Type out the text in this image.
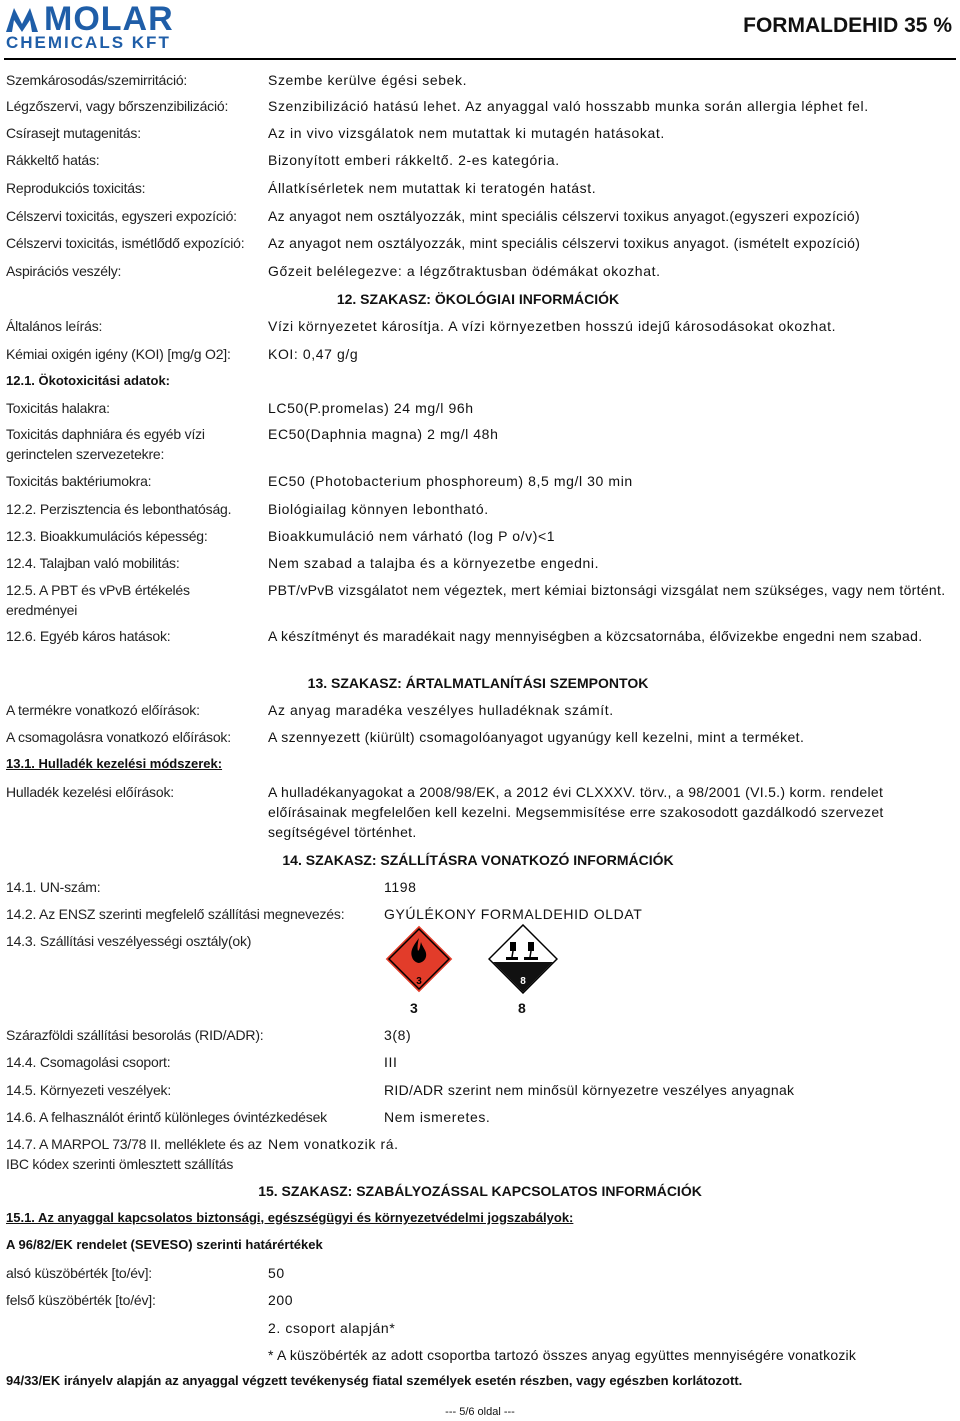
MOLAR
CHEMICALS KFT
FORMALDEHID 35 %
Szemkárosodás/szemirritáció:	Szembe kerülve égési sebek.
Légzőszervi, vagy bőrszenzibilizáció:	Szenzibilizáció hatású lehet. Az anyaggal való hosszabb munka során allergia léphet fel.
Csírasejt mutagenitás:	Az in vivo vizsgálatok nem mutattak ki mutagén hatásokat.
Rákkeltő hatás:	Bizonyított emberi rákkeltő. 2-es kategória.
Reprodukciós toxicitás:	Állatkísérletek nem mutattak ki teratogén hatást.
Célszervi toxicitás, egyszeri expozíció: Az anyagot nem osztályozzák, mint speciális célszervi toxikus anyagot.(egyszeri expozíció)
Célszervi toxicitás, ismétlődő expozíció: Az anyagot nem osztályozzák, mint speciális célszervi toxikus anyagot. (ismételt expozíció)
Aspirációs veszély:	Gőzeit belélegezve: a légzőtraktusban ödémákat okozhat.
12. SZAKASZ: ÖKOLÓGIAI INFORMÁCIÓK
Általános leírás:	Vízi környezetet károsítja. A vízi környezetben hosszú idejű károsodásokat okozhat.
Kémiai oxigén igény (KOI) [mg/g O2]:	KOI: 0,47 g/g
12.1. Ökotoxicitási adatok:
Toxicitás halakra:	LC50(P.promelas) 24 mg/l 96h
Toxicitás daphniára és egyéb vízi gerinctelen szervezetekre:
EC50(Daphnia magna) 2 mg/l 48h
Toxicitás baktériumokra:	EC50 (Photobacterium phosphoreum) 8,5 mg/l 30 min
12.2. Perzisztencia és lebonthatóság.	Biológiailag könnyen lebontható.
12.3. Bioakkumulációs képesség:	Bioakkumuláció nem várható (log P o/v)<1
12.4. Talajban való mobilitás:	Nem szabad a talajba és a környezetbe engedni.
12.5. A PBT és vPvB értékelés eredményei
PBT/vPvB vizsgálatot nem végeztek, mert kémiai biztonsági vizsgálat nem szükséges, vagy nem történt.
12.6. Egyéb káros hatások:	A készítményt és maradékait nagy mennyiségben a közcsatornába, élővizekbe engedni nem szabad.
13. SZAKASZ: ÁRTALMATLANÍTÁSI SZEMPONTOK
A termékre vonatkozó előírások:	Az anyag maradéka veszélyes hulladéknak számít.
A csomagolásra vonatkozó előírások:	A szennyezett (kiürült) csomagolóanyagot ugyanúgy kell kezelni, mint a terméket.
13.1. Hulladék kezelési módszerek:
Hulladék kezelési előírások:	A hulladékanyagokat a 2008/98/EK, a 2012 évi CLXXXV. törv., a 98/2001 (VI.5.) korm. rendelet előírásainak megfelelően kell kezelni. Megsemmisítése erre szakosodott gazdálkodó szervezet segítségével történhet.
14. SZAKASZ: SZÁLLÍTÁSRA VONATKOZÓ INFORMÁCIÓK
14.1. UN-szám:	1198
14.2. Az ENSZ szerinti megfelelő szállítási megnevezés:	GYÚLÉKONY FORMALDEHID OLDAT
14.3. Szállítási veszélyességi osztály(ok)
3
3
8
8
Szárazföldi szállítási besorolás (RID/ADR):	3(8)
14.4. Csomagolási csoport:	III
14.5. Környezeti veszélyek:	RID/ADR szerint nem minősül környezetre veszélyes anyagnak
14.6. A felhasználót érintő különleges óvintézkedések	Nem ismeretes.
14.7. A MARPOL 73/78 II. melléklete és az IBC kódex szerinti ömlesztett szállítás
Nem vonatkozik rá.
15. SZAKASZ: SZABÁLYOZÁSSAL KAPCSOLATOS INFORMÁCIÓK
15.1. Az anyaggal kapcsolatos biztonsági, egészségügyi és környezetvédelmi jogszabályok:
A 96/82/EK rendelet (SEVESO) szerinti határértékek
alsó küszöbérték [to/év]:	50
felső küszöbérték [to/év]:	200
2. csoport alapján*
* A küszöbérték az adott csoportba tartozó összes anyag együttes mennyiségére vonatkozik
94/33/EK irányelv alapján az anyaggal végzett tevékenység fiatal személyek esetén részben, vagy egészben korlátozott.
--- 5/6 oldal ---
